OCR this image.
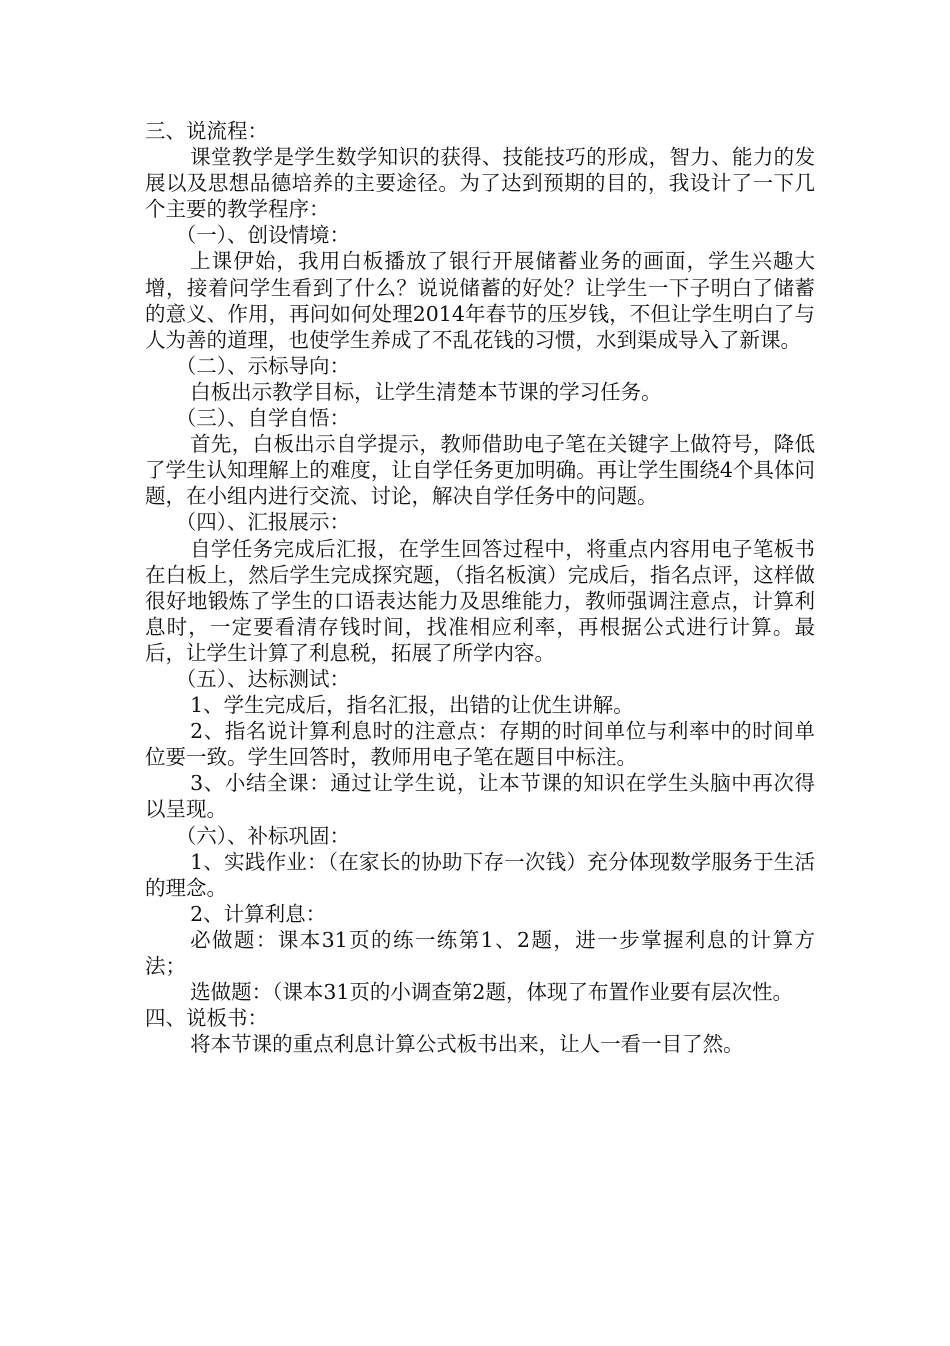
三、说流程：

课堂教学是学生数学知识的获得、技能技巧的形成，智力、能力的发展以及思想品德培养的主要途径。为了达到预期的目的，我设计了一下几个主要的教学程序：

（一）、创设情境：

上课伊始，我用白板播放了银行开展储蓄业务的画面，学生兴趣大增，接着问学生看到了什么？说说储蓄的好处？让学生一下子明白了储蓄的意义、作用，再问如何处理2014年春节的压岁钱，不但让学生明白了与人为善的道理，也使学生养成了不乱花钱的习惯，水到渠成导入了新课。

（二）、示标导向：

白板出示教学目标，让学生清楚本节课的学习任务。

（三）、自学自悟：

首先，白板出示自学提示，教师借助电子笔在关键字上做符号，降低了学生认知理解上的难度，让自学任务更加明确。再让学生围绕4个具体问题，在小组内进行交流、讨论，解决自学任务中的问题。

（四）、汇报展示：

自学任务完成后汇报，在学生回答过程中，将重点内容用电子笔板书在白板上，然后学生完成探究题，（指名板演）完成后，指名点评，这样做很好地锻炼了学生的口语表达能力及思维能力，教师强调注意点，计算利息时，一定要看清存钱时间，找准相应利率，再根据公式进行计算。最后，让学生计算了利息税，拓展了所学内容。

（五）、达标测试：

1、学生完成后，指名汇报，出错的让优生讲解。

2、指名说计算利息时的注意点：存期的时间单位与利率中的时间单位要一致。学生回答时，教师用电子笔在题目中标注。

3、小结全课：通过让学生说，让本节课的知识在学生头脑中再次得以呈现。

（六）、补标巩固：

1、实践作业：（在家长的协助下存一次钱）充分体现数学服务于生活的理念。

2、计算利息：

必做题：课本31页的练一练第1、2题，进一步掌握利息的计算方法；

选做题：（课本31页的小调查第2题，体现了布置作业要有层次性。

四、说板书：

将本节课的重点利息计算公式板书出来，让人一看一目了然。
